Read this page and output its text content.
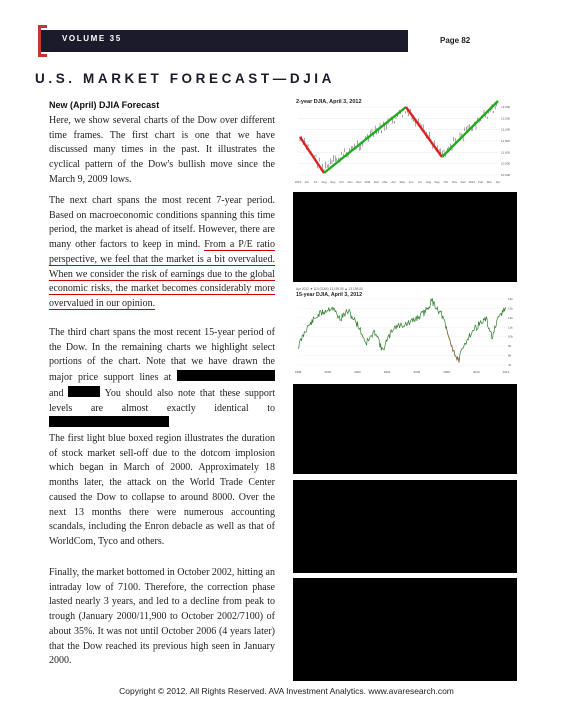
VOLUME 35	Page 82
U.S. MARKET FORECAST—DJIA
New (April) DJIA Forecast
Here, we show several charts of the Dow over different time frames. The first chart is one that we have discussed many times in the past. It illustrates the cyclical pattern of the Dow's bullish move since the March 9, 2009 lows.
The next chart spans the most recent 7-year period. Based on macroeconomic conditions spanning this time period, the market is ahead of itself. However, there are many other factors to keep in mind. From a P/E ratio perspective, we feel that the market is a bit overvalued. When we consider the risk of earnings due to the global economic risks, the market becomes considerably more overvalued in our opinion.
The third chart spans the most recent 15-year period of the Dow. In the remaining charts we highlight select portions of the chart. Note that we have drawn the major price support lines at  and	You should also note that these support levels are almost exactly identical to
The first light blue boxed region illustrates the duration of stock market sell-off due to the dotcom implosion which began in March of 2000. Approximately 18 months later, the attack on the World Trade Center caused the Dow to collapse to around 8000. Over the next 13 months there were numerous accounting scandals, including the Enron debacle as well as that of WorldCom, Tyco and others.
Finally, the market bottomed in October 2002, hitting an intraday low of 7100. Therefore, the correction phase lasted nearly 3 years, and led to a decline from peak to trough (January 2000/11,900 to October 2002/7100) of about 35%. It was not until October 2006 (4 years later) that the Dow reached its previous high seen in January 2000.
2-year DJIA, April 3, 2012
13,000
12,500
12,000
11,500
11,000
10,500
10,000
2010 Jun Jul Aug Sep Oct Nov Dec 2011 Feb Mar Apr May Jun Jul Aug Sep Oct Nov Dec 2012 Feb Mar Apr
Apr 2012 ▼ DJI (DJIA) 13,199.00 ▲ 13,199.00
15-year DJIA, April 3, 2012
14k
13k
12k
11k
10k
9k
8k
7k
1998	2000	2002	2004	2006	2008	2010	2012
Copyright © 2012. All Rights Reserved. AVA Investment Analytics. www.avaresearch.com
